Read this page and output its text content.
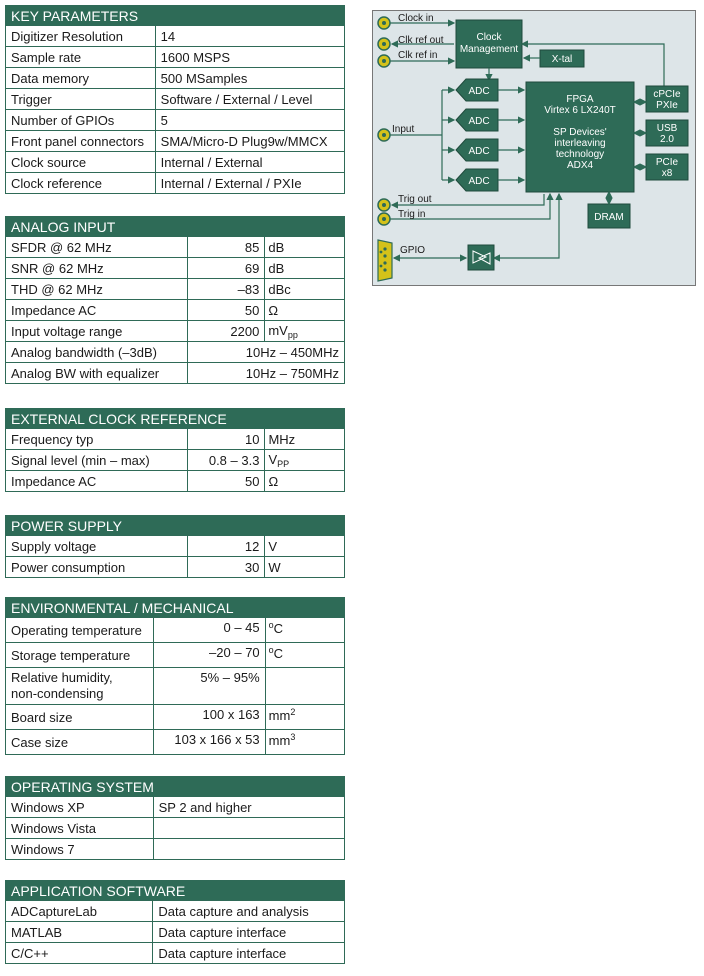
KEY PARAMETERS	
Digitizer Resolution	14
Sample rate	1600 MSPS
Data memory	500 MSamples
Trigger	Software / External / Level
Number of GPIOs	5
Front panel connectors	SMA/Micro-D Plug9w/MMCX
Clock source	Internal / External
Clock reference	Internal / External / PXIe
ANALOG INPUT		
SFDR @ 62 MHz	85	dB
SNR @ 62 MHz	69	dB
THD @ 62 MHz	–83	dBc
Impedance AC	50	Ω
Input voltage range	2200	$mV_{pp}$
Analog bandwidth (–3dB)	10Hz – 450MHz	
Analog BW with equalizer	10Hz – 750MHz	
EXTERNAL CLOCK REFERENCE		
Frequency typ	10	MHz
Signal level (min – max)	0.8 – 3.3	$V_{PP}$
Impedance AC	50	Ω
POWER SUPPLY		
Supply voltage	12	V
Power consumption	30	W
ENVIRONMENTAL / MECHANICAL		
Operating temperature	0 – 45	$^o$C
Storage temperature	–20 – 70	$^o$C
Relative humidity,
non-condensing	5% – 95%	
Board size	100 x 163	$mm^2$
Case size	103 x 166 x 53	$mm^3$
OPERATING SYSTEM	
Windows XP	SP 2 and higher
Windows Vista	
Windows 7	
APPLICATION SOFTWARE	
ADCaptureLab	Data capture and analysis
MATLAB	Data capture interface
C/C++	Data capture interface
Clock in
Clk ref out
Clk ref in
Clock
Management
X-tal
Input
ADC
ADC
ADC
ADC
FPGA
Virtex 6 LX240T
SP Devices'
interleaving
technology
ADX4
cPCIe
PXIe
USB
2.0
PCIe
x8
Trig out
Trig in	DRAM
GPIO
